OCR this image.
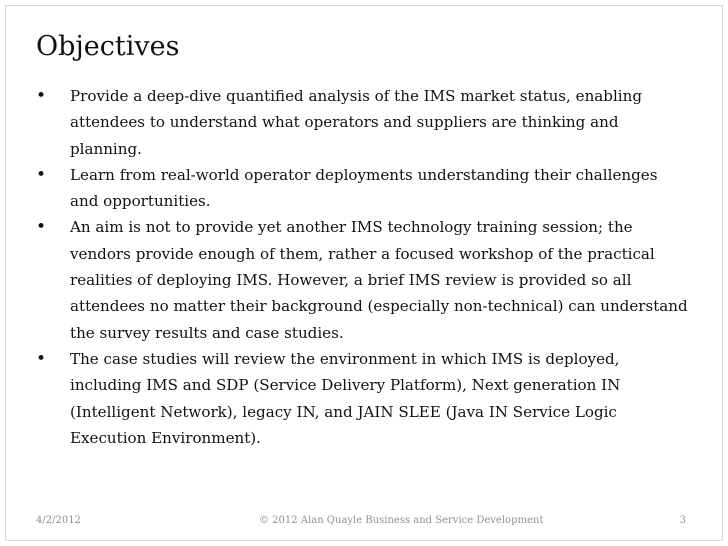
Objectives
• Provide a deep-dive quantified analysis of the IMS market status, enabling attendees to understand what operators and suppliers are thinking and planning.
• Learn from real-world operator deployments understanding their challenges and opportunities.
• An aim is not to provide yet another IMS technology training session; the vendors provide enough of them, rather a focused workshop of the practical realities of deploying IMS. However, a brief IMS review is provided so all attendees no matter their background (especially non-technical) can understand the survey results and case studies.
• The case studies will review the environment in which IMS is deployed, including IMS and SDP (Service Delivery Platform), Next generation IN (Intelligent Network), legacy IN, and JAIN SLEE (Java IN Service Logic Execution Environment).
4/2/2012	© 2012 Alan Quayle Business and Service Development	3
